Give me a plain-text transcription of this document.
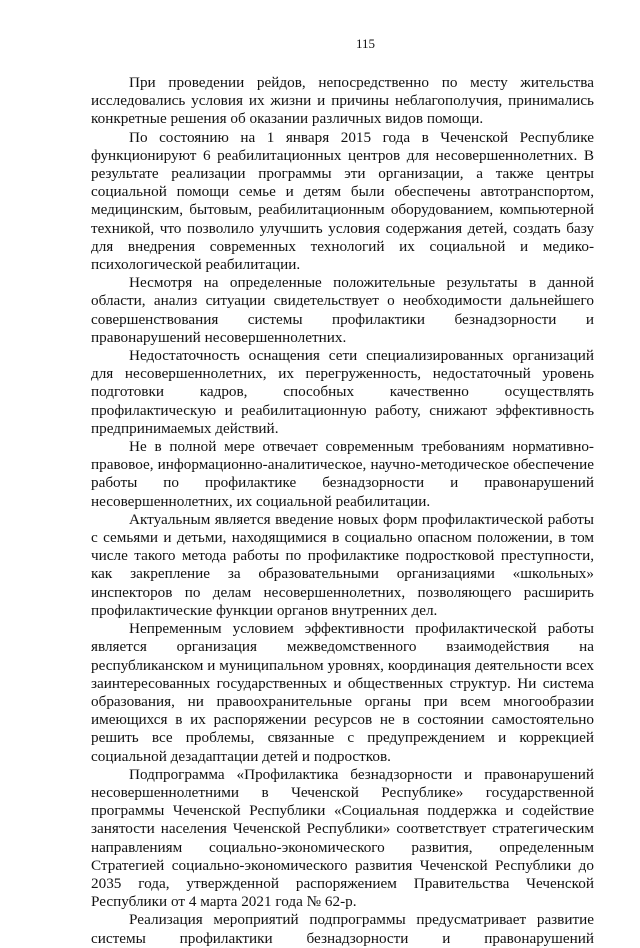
115

При проведении рейдов, непосредственно по месту жительства исследовались условия их жизни и причины неблагополучия, принимались конкретные решения об оказании различных видов помощи.

По состоянию на 1 января 2015 года в Чеченской Республике функционируют 6 реабилитационных центров для несовершеннолетних. В результате реализации программы эти организации, а также центры социальной помощи семье и детям были обеспечены автотранспортом, медицинским, бытовым, реабилитационным оборудованием, компьютерной техникой, что позволило улучшить условия содержания детей, создать базу для внедрения современных технологий их социальной и медико-психологической реабилитации.

Несмотря на определенные положительные результаты в данной области, анализ ситуации свидетельствует о необходимости дальнейшего совершенствования системы профилактики безнадзорности и правонарушений несовершеннолетних.

Недостаточность оснащения сети специализированных организаций для несовершеннолетних, их перегруженность, недостаточный уровень подготовки кадров, способных качественно осуществлять профилактическую и реабилитационную работу, снижают эффективность предпринимаемых действий.

Не в полной мере отвечает современным требованиям нормативно-правовое, информационно-аналитическое, научно-методическое обеспечение работы по профилактике безнадзорности и правонарушений несовершеннолетних, их социальной реабилитации.

Актуальным является введение новых форм профилактической работы с семьями и детьми, находящимися в социально опасном положении, в том числе такого метода работы по профилактике подростковой преступности, как закрепление за образовательными организациями «школьных» инспекторов по делам несовершеннолетних, позволяющего расширить профилактические функции органов внутренних дел.

Непременным условием эффективности профилактической работы является организация межведомственного взаимодействия на республиканском и муниципальном уровнях, координация деятельности всех заинтересованных государственных и общественных структур. Ни система образования, ни правоохранительные органы при всем многообразии имеющихся в их распоряжении ресурсов не в состоянии самостоятельно решить все проблемы, связанные с предупреждением и коррекцией социальной дезадаптации детей и подростков.

Подпрограмма «Профилактика безнадзорности и правонарушений несовершеннолетними в Чеченской Республике» государственной программы Чеченской Республики «Социальная поддержка и содействие занятости населения Чеченской Республики» соответствует стратегическим направлениям социально-экономического развития, определенным Стратегией социально-экономического развития Чеченской Республики до 2035 года, утвержденной распоряжением Правительства Чеченской Республики от 4 марта 2021 года № 62-р.

Реализация мероприятий подпрограммы предусматривает развитие системы профилактики безнадзорности и правонарушений
